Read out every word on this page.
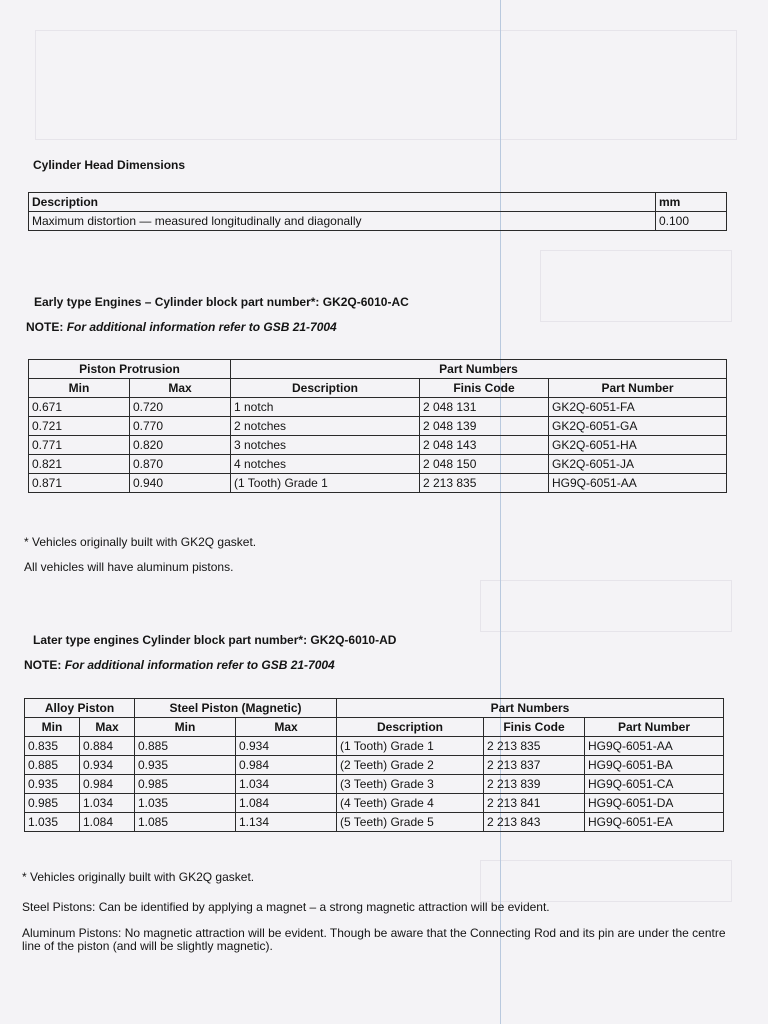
Cylinder Head Dimensions
Description	mm
Maximum distortion — measured longitudinally and diagonally	0.100
Early type Engines – Cylinder block part number*: GK2Q-6010-AC
NOTE: For additional information refer to GSB 21-7004
Piston Protrusion		Part Numbers		
Min	Max	Description	Finis Code	Part Number
0.671	0.720	1 notch	2 048 131	GK2Q-6051-FA
0.721	0.770	2 notches	2 048 139	GK2Q-6051-GA
0.771	0.820	3 notches	2 048 143	GK2Q-6051-HA
0.821	0.870	4 notches	2 048 150	GK2Q-6051-JA
0.871	0.940	(1 Tooth) Grade 1	2 213 835	HG9Q-6051-AA
* Vehicles originally built with GK2Q gasket.
All vehicles will have aluminum pistons.
Later type engines Cylinder block part number*: GK2Q-6010-AD
NOTE: For additional information refer to GSB 21-7004
Alloy Piston		Steel Piston (Magnetic)		Part Numbers		
Min	Max	Min	Max	Description	Finis Code	Part Number
0.835	0.884	0.885	0.934	(1 Tooth) Grade 1	2 213 835	HG9Q-6051-AA
0.885	0.934	0.935	0.984	(2 Teeth) Grade 2	2 213 837	HG9Q-6051-BA
0.935	0.984	0.985	1.034	(3 Teeth) Grade 3	2 213 839	HG9Q-6051-CA
0.985	1.034	1.035	1.084	(4 Teeth) Grade 4	2 213 841	HG9Q-6051-DA
1.035	1.084	1.085	1.134	(5 Teeth) Grade 5	2 213 843	HG9Q-6051-EA
* Vehicles originally built with GK2Q gasket.
Steel Pistons: Can be identified by applying a magnet – a strong magnetic attraction will be evident.
Aluminum Pistons: No magnetic attraction will be evident. Though be aware that the Connecting Rod and its pin are under the centre line of the piston (and will be slightly magnetic).
